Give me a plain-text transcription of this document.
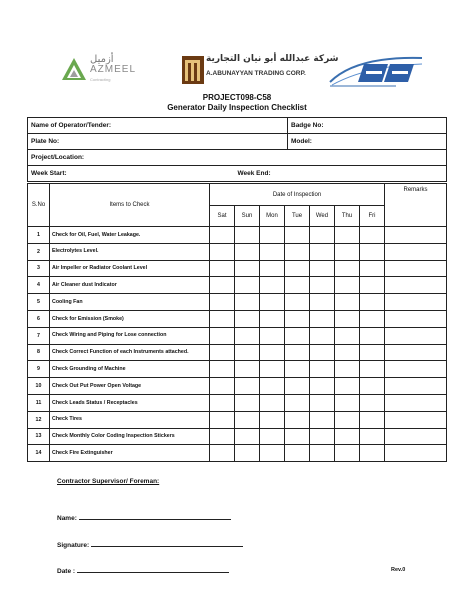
أزميل
AZMEEL
Contracting
شركة عبدالله أبو نيان التجارية
A.ABUNAYYAN TRADING CORP.
PROJECT098-C58
Generator Daily Inspection Checklist
Name of Operator/Tender:	Badge No:
Plate No:	Model:
Project/Location:	
Week Start: Week End:	

S.No	Items to Check	Date of Inspection							Remarks
		Sat	Sun	Mon	Tue	Wed	Thu	Fri	
1	Check for Oil, Fuel, Water Leakage.								
2	Electrolytes Level.								
3	Air Impeller or Radiator Coolant Level								
4	Air Cleaner dust Indicator								
5	Cooling Fan								
6	Check for Emission (Smoke)								
7	Check Wiring and Piping for Lose connection								
8	Check Correct Function of each Instruments attached.								
9	Check Grounding of Machine								
10	Check Out Put Power Open Voltage								
11	Check Leads Status / Receptacles								
12	Check Tires								
13	Check Monthly Color Coding Inspection Stickers								
14	Check Fire Extinguisher								
Contractor Supervisor/ Foreman:
Name:
Signature:
Date :	Rev.0
